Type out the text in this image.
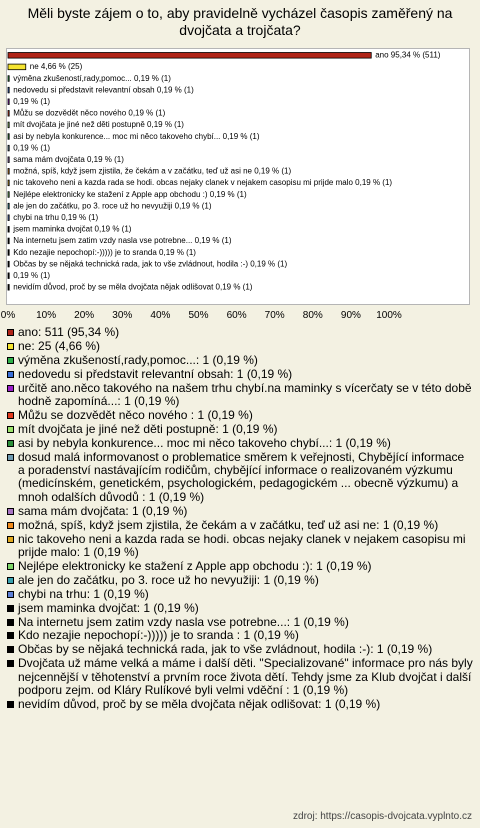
Měli byste zájem o to, aby pravidelně vycházel časopis zaměřený na dvojčata a trojčata?
ano 95,34 % (511)
ne 4,66 % (25)
výměna zkušeností,rady,pomoc... 0,19 % (1)
nedovedu si představit relevantní obsah 0,19 % (1)
0,19 % (1)
Můžu se dozvědět něco nového 0,19 % (1)
mít dvojčata je jiné než děti postupně 0,19 % (1)
asi by nebyla konkurence... moc mi něco takoveho chybí... 0,19 % (1)
0,19 % (1)
sama mám dvojčata 0,19 % (1)
možná, spíš, když jsem zjistila, že čekám a v začátku, teď už asi ne 0,19 % (1)
nic takoveho neni a kazda rada se hodi. obcas nejaky clanek v nejakem casopisu mi prijde malo 0,19 % (1)
Nejlépe elektronicky ke stažení z Apple app obchodu :) 0,19 % (1)
ale jen do začátku, po 3. roce už ho nevyužiji 0,19 % (1)
chybi na trhu 0,19 % (1)
jsem maminka dvojčat 0,19 % (1)
Na internetu jsem zatim vzdy nasla vse potrebne... 0,19 % (1)
Kdo nezajie nepochopí:-))))) je to sranda 0,19 % (1)
Občas by se nějaká technická rada, jak to vše zvládnout, hodila :-) 0,19 % (1)
0,19 % (1)
nevidím důvod, proč by se měla dvojčata nějak odlišovat 0,19 % (1)
0% 10% 20% 30% 40% 50% 60% 70% 80% 90% 100%
ano: 511 (95,34 %)
ne: 25 (4,66 %)
výměna zkušeností,rady,pomoc...: 1 (0,19 %)
nedovedu si představit relevantní obsah: 1 (0,19 %)
určitě ano.něco takového na našem trhu chybí.na maminky s vícerčaty se v této době hodně zapomíná...: 1 (0,19 %)
Můžu se dozvědět něco nového : 1 (0,19 %)
mít dvojčata je jiné než děti postupně: 1 (0,19 %)
asi by nebyla konkurence... moc mi něco takoveho chybí...: 1 (0,19 %)
dosud malá informovanost o problematice směrem k veřejnosti, Chybějící informace a poradenství nastávajícím rodičům, chybějící informace o realizovaném výzkumu (medicínském, genetickém, psychologickém, pedagogickém ... obecně výzkumu) a mnoh odalších důvodů : 1 (0,19 %)
sama mám dvojčata: 1 (0,19 %)
možná, spíš, když jsem zjistila, že čekám a v začátku, teď už asi ne: 1 (0,19 %)
nic takoveho neni a kazda rada se hodi. obcas nejaky clanek v nejakem casopisu mi prijde malo: 1 (0,19 %)
Nejlépe elektronicky ke stažení z Apple app obchodu :): 1 (0,19 %)
ale jen do začátku, po 3. roce už ho nevyužiji: 1 (0,19 %)
chybi na trhu: 1 (0,19 %)
jsem maminka dvojčat: 1 (0,19 %)
Na internetu jsem zatim vzdy nasla vse potrebne...: 1 (0,19 %)
Kdo nezajie nepochopí:-))))) je to sranda : 1 (0,19 %)
Občas by se nějaká technická rada, jak to vše zvládnout, hodila :-): 1 (0,19 %)
Dvojčata už máme velká a máme i další děti. "Specializované" informace pro nás byly nejcennější v těhotenství a prvním roce života dětí. Tehdy jsme za Klub dvojčat i další podporu zejm. od Kláry Rulíkové byli velmi vděční : 1 (0,19 %)
nevidím důvod, proč by se měla dvojčata nějak odlišovat: 1 (0,19 %)
zdroj: https://casopis-dvojcata.vyplnto.cz
